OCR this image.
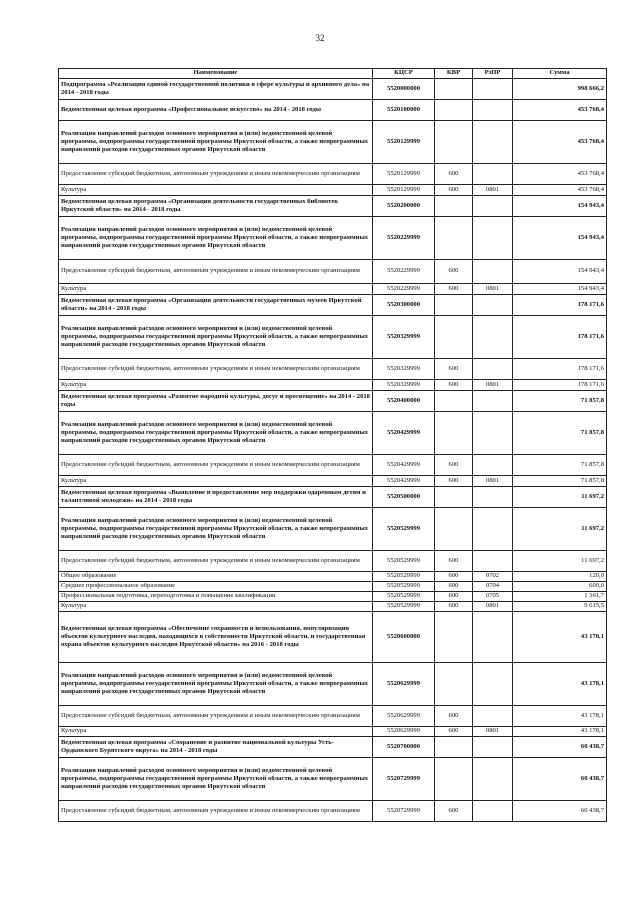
32
Наименование	КЦСР	КВР	РзПР	Сумма
Подпрограмма «Реализация единой государственной политики в сфере культуры и архивного дела» на 2014 - 2018 годы	5520000000			998 666,2
Ведомственная целевая программа «Профессиональное искусство» на 2014 - 2018 годы	5520100000			453 768,4
Реализация направлений расходов основного мероприятия и (или) ведомственной целевой программы, подпрограммы государственной программы Иркутской области, а также непрограммных направлений расходов государственных органов Иркутской области	5520129999			453 768,4
Предоставление субсидий бюджетным, автономным учреждениям и иным некоммерческим организациям	5520129999	600		453 768,4
Культура	5520129999	600	0801	453 768,4
Ведомственная целевая программа «Организация деятельности государственных библиотек Иркутской области» на 2014 - 2018 годы	5520200000			154 943,4
Реализация направлений расходов основного мероприятия и (или) ведомственной целевой программы, подпрограммы государственной программы Иркутской области, а также непрограммных направлений расходов государственных органов Иркутской области	5520229999			154 943,4
Предоставление субсидий бюджетным, автономным учреждениям и иным некоммерческим организациям	5520229999	600		154 943,4
Культура	5520229999	600	0801	154 943,4
Ведомственная целевая программа «Организация деятельности государственных музеев Иркутской области» на 2014 - 2018 годы	5520300000			178 171,6
Реализация направлений расходов основного мероприятия и (или) ведомственной целевой программы, подпрограммы государственной программы Иркутской области, а также непрограммных направлений расходов государственных органов Иркутской области	5520329999			178 171,6
Предоставление субсидий бюджетным, автономным учреждениям и иным некоммерческим организациям	5520329999	600		178 171,6
Культура	5520329999	600	0801	178 171,6
Ведомственная целевая программа «Развитие народной культуры, досуг и просвещение» на 2014 - 2018 годы	5520400000			71 857,8
Реализация направлений расходов основного мероприятия и (или) ведомственной целевой программы, подпрограммы государственной программы Иркутской области, а также непрограммных направлений расходов государственных органов Иркутской области	5520429999			71 857,8
Предоставление субсидий бюджетным, автономным учреждениям и иным некоммерческим организациям	5520429999	600		71 857,8
Культура	5520429999	600	0801	71 857,8
Ведомственная целевая программа «Выявление и предоставление мер поддержки одаренным детям и талантливой молодежи» на 2014 - 2018 годы	5520500000			11 697,2
Реализация направлений расходов основного мероприятия и (или) ведомственной целевой программы, подпрограммы государственной программы Иркутской области, а также непрограммных направлений расходов государственных органов Иркутской области	5520529999			11 697,2
Предоставление субсидий бюджетным, автономным учреждениям и иным некоммерческим организациям	5520529999	600		11 697,2
Общее образование	5520529999	600	0702	120,0
Среднее профессиональное образование	5520529999	600	0704	600,0
Профессиональная подготовка, переподготовка и повышение квалификации	5520529999	600	0705	1 361,7
Культура	5520529999	600	0801	9 615,5
Ведомственная целевая программа «Обеспечение сохранности и использования, популяризация объектов культурного наследия, находящихся в собственности Иркутской области, и государственная охрана объектов культурного наследия Иркутской области» на 2016 - 2018 годы	5520600000			43 178,1
Реализация направлений расходов основного мероприятия и (или) ведомственной целевой программы, подпрограммы государственной программы Иркутской области, а также непрограммных направлений расходов государственных органов Иркутской области	5520629999			43 178,1
Предоставление субсидий бюджетным, автономным учреждениям и иным некоммерческим организациям	5520629999	600		43 178,1
Культура	5520629999	600	0801	43 178,1
Ведомственная целевая программа «Сохранение и развитие национальной культуры Усть-Ордынского Бурятского округа» на 2014 - 2018 годы	5520700000			60 438,7
Реализация направлений расходов основного мероприятия и (или) ведомственной целевой программы, подпрограммы государственной программы Иркутской области, а также непрограммных направлений расходов государственных органов Иркутской области	5520729999			60 438,7
Предоставление субсидий бюджетным, автономным учреждениям и иным некоммерческим организациям	5520729999	600		60 438,7
